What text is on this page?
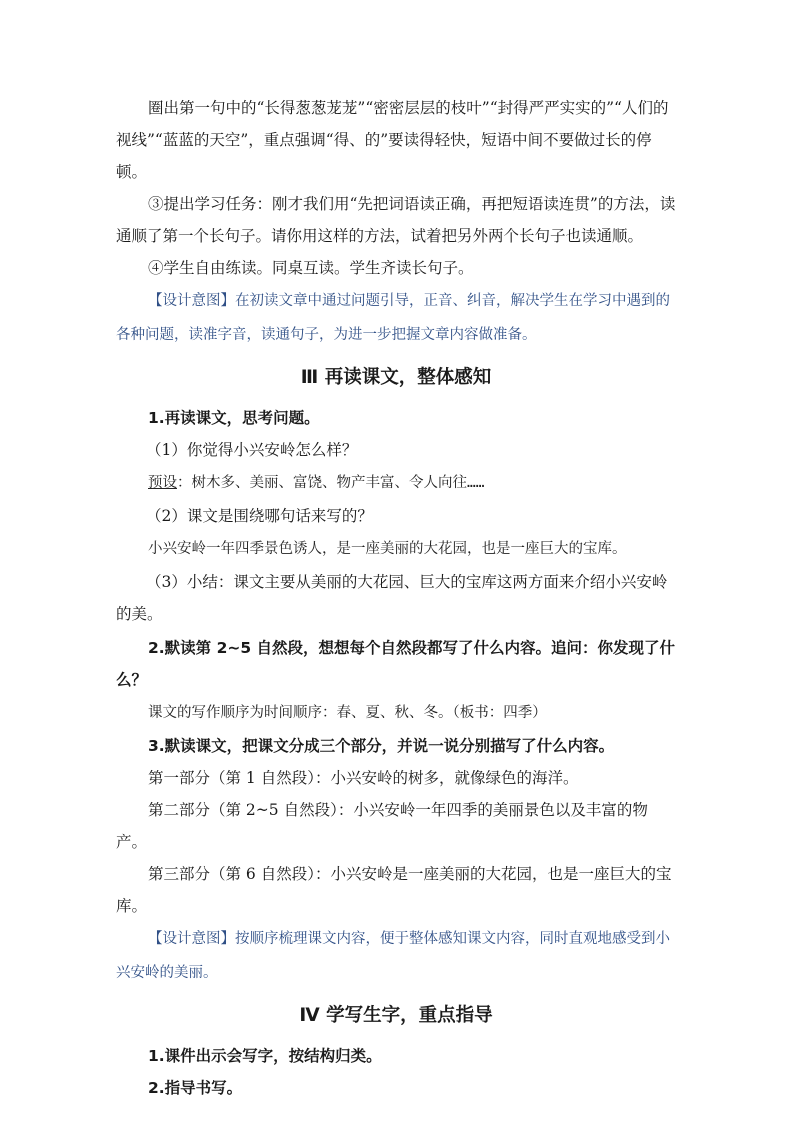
圈出第一句中的“长得葱葱茏茏”“密密层层的枝叶”“封得严严实实的”“人们的视线”“蓝蓝的天空”，重点强调“得、的”要读得轻快，短语中间不要做过长的停顿。

③提出学习任务：刚才我们用“先把词语读正确，再把短语读连贯”的方法，读通顺了第一个长句子。请你用这样的方法，试着把另外两个长句子也读通顺。

④学生自由练读。同桌互读。学生齐读长句子。

【设计意图】在初读文章中通过问题引导，正音、纠音，解决学生在学习中遇到的各种问题，读准字音，读通句子，为进一步把握文章内容做准备。

Ⅲ 再读课文，整体感知

1.再读课文，思考问题。

（1）你觉得小兴安岭怎么样？

预设：树木多、美丽、富饶、物产丰富、令人向往……

（2）课文是围绕哪句话来写的？

小兴安岭一年四季景色诱人，是一座美丽的大花园，也是一座巨大的宝库。

（3）小结：课文主要从美丽的大花园、巨大的宝库这两方面来介绍小兴安岭的美。

2.默读第 2~5 自然段，想想每个自然段都写了什么内容。追问：你发现了什么？

课文的写作顺序为时间顺序：春、夏、秋、冬。（板书：四季）

3.默读课文，把课文分成三个部分，并说一说分别描写了什么内容。

第一部分（第 1 自然段）：小兴安岭的树多，就像绿色的海洋。

第二部分（第 2~5 自然段）：小兴安岭一年四季的美丽景色以及丰富的物产。

第三部分（第 6 自然段）：小兴安岭是一座美丽的大花园，也是一座巨大的宝库。

【设计意图】按顺序梳理课文内容，便于整体感知课文内容，同时直观地感受到小兴安岭的美丽。

Ⅳ 学写生字，重点指导

1.课件出示会写字，按结构归类。

2.指导书写。
